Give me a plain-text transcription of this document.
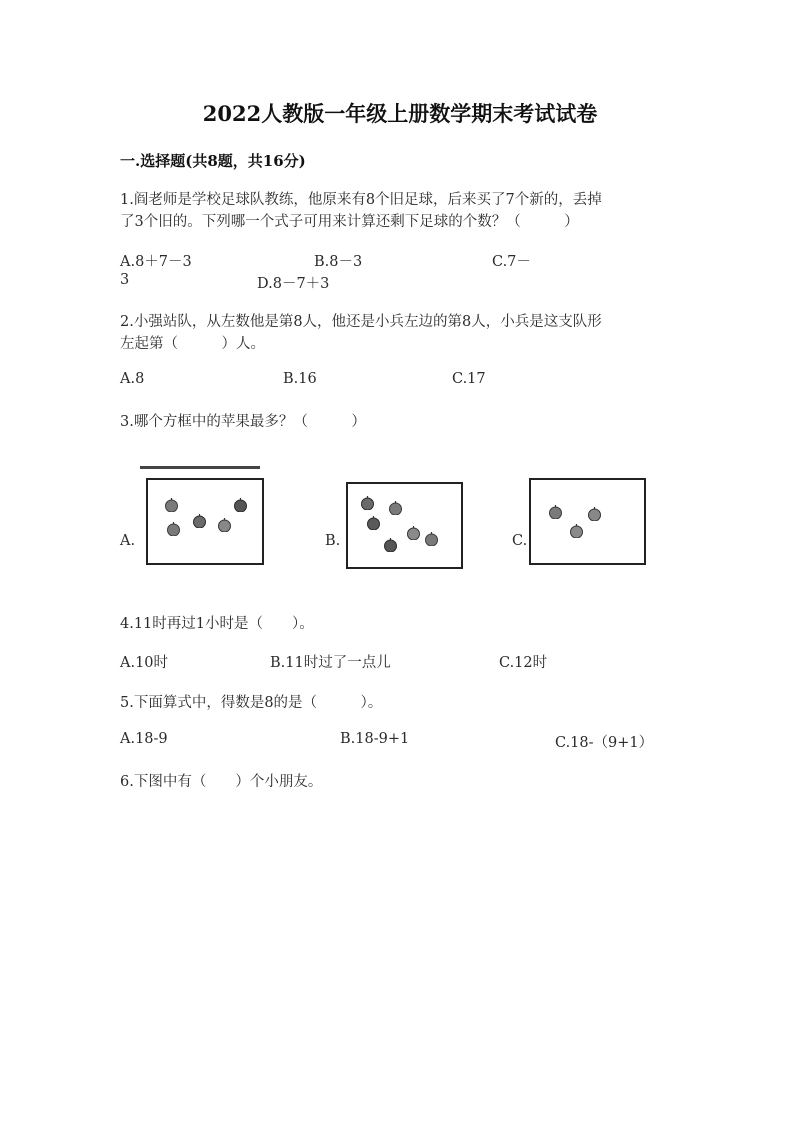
2022人教版一年级上册数学期末考试试卷
一.选择题(共8题，共16分)
1.阎老师是学校足球队教练，他原来有8个旧足球，后来买了7个新的，丢掉
了3个旧的。下列哪一个式子可用来计算还剩下足球的个数？（　　　）
A.8＋7－3	B.8－3	C.7－
3	D.8－7＋3
2.小强站队，从左数他是第8人，他还是小兵左边的第8人，小兵是这支队形
左起第（　　　）人。
A.8	B.16	C.17
3.哪个方框中的苹果最多？（　　　）
A.	B.	C.
4.11时再过1小时是（　　）。
A.10时	B.11时过了一点儿	C.12时
5.下面算式中，得数是8的是（　　　）。
A.18-9	B.18-9+1	C.18-（9+1）
6.下图中有（　　）个小朋友。
